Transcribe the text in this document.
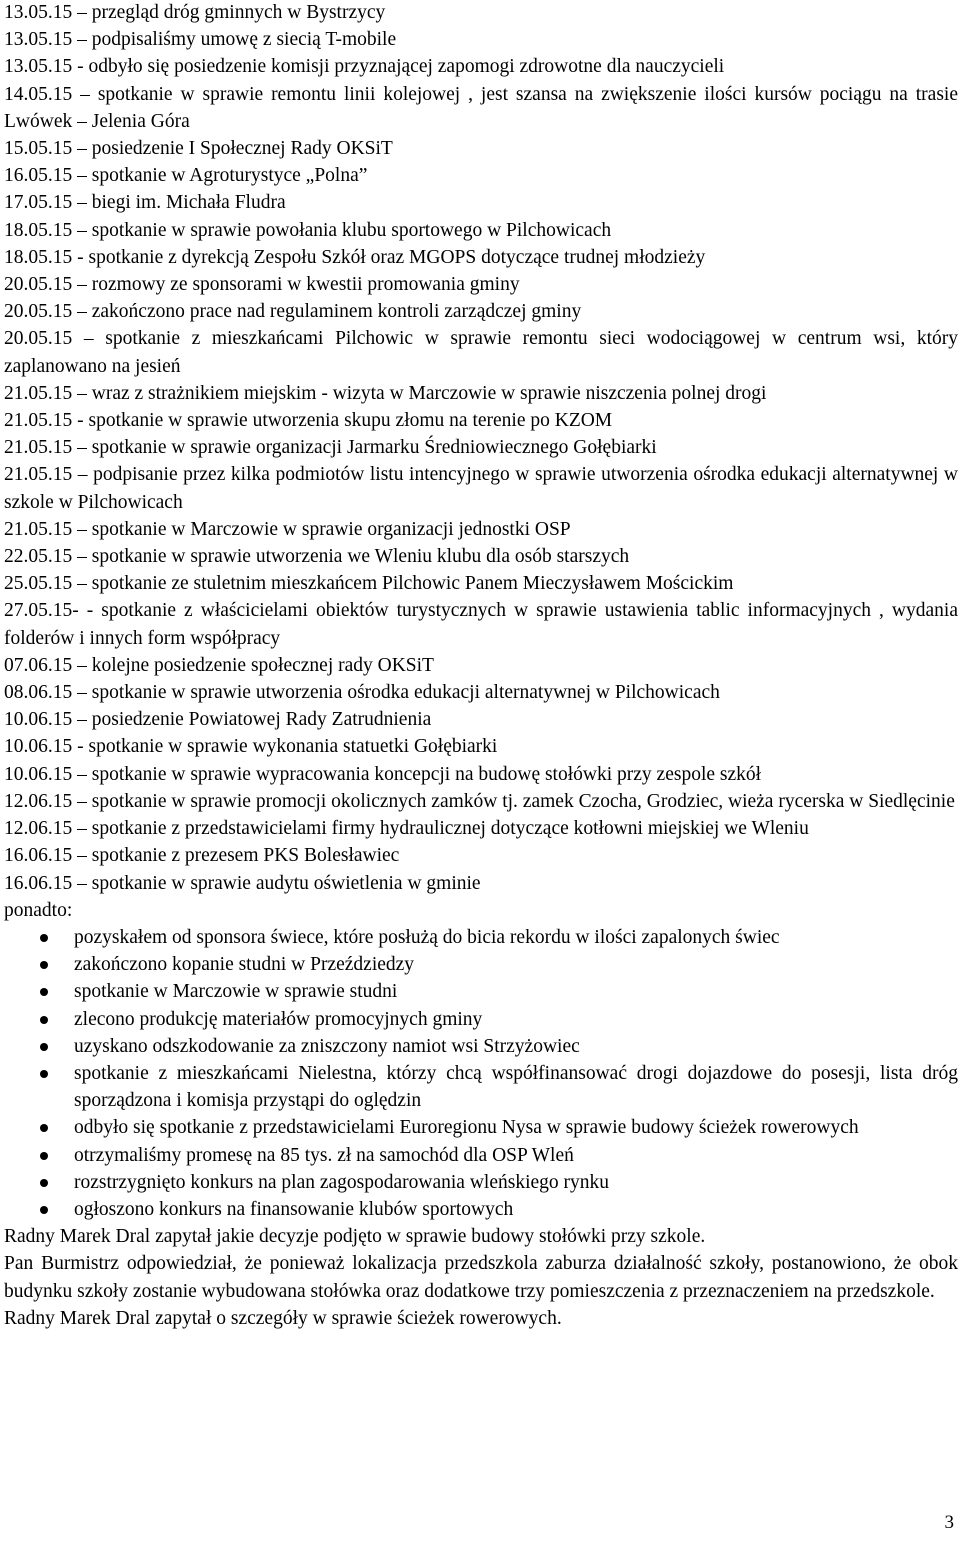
13.05.15 – przegląd dróg gminnych w Bystrzycy
13.05.15 – podpisaliśmy umowę z siecią T-mobile
13.05.15 - odbyło się posiedzenie komisji przyznającej zapomogi zdrowotne dla nauczycieli
14.05.15 – spotkanie w sprawie remontu linii kolejowej , jest szansa na zwiększenie ilości kursów pociągu na trasie Lwówek – Jelenia Góra
15.05.15 – posiedzenie I Społecznej Rady OKSiT
16.05.15 – spotkanie w Agroturystyce „Polna”
17.05.15 – biegi im. Michała Fludra
18.05.15 – spotkanie w sprawie powołania klubu sportowego w Pilchowicach
18.05.15 - spotkanie z dyrekcją Zespołu Szkół oraz MGOPS dotyczące trudnej młodzieży
20.05.15 – rozmowy ze sponsorami w kwestii promowania gminy
20.05.15 – zakończono prace nad regulaminem kontroli zarządczej gminy
20.05.15 – spotkanie z mieszkańcami Pilchowic w sprawie remontu sieci wodociągowej w centrum wsi, który zaplanowano na jesień
21.05.15 – wraz z strażnikiem miejskim - wizyta w Marczowie w sprawie niszczenia polnej drogi
21.05.15 - spotkanie w sprawie utworzenia skupu złomu na terenie po KZOM
21.05.15 – spotkanie w sprawie organizacji Jarmarku Średniowiecznego Gołębiarki
21.05.15 – podpisanie przez kilka podmiotów listu intencyjnego w sprawie utworzenia ośrodka edukacji alternatywnej w szkole w Pilchowicach
21.05.15 – spotkanie w Marczowie w sprawie organizacji jednostki OSP
22.05.15 – spotkanie w sprawie utworzenia we Wleniu klubu dla osób starszych
25.05.15 – spotkanie ze stuletnim mieszkańcem Pilchowic Panem Mieczysławem Mościckim
27.05.15- - spotkanie z właścicielami obiektów turystycznych w sprawie ustawienia tablic informacyjnych , wydania folderów i innych form współpracy
07.06.15 – kolejne posiedzenie społecznej rady OKSiT
08.06.15 – spotkanie w sprawie utworzenia ośrodka edukacji alternatywnej w Pilchowicach
10.06.15 – posiedzenie Powiatowej Rady Zatrudnienia
10.06.15 - spotkanie w sprawie wykonania statuetki Gołębiarki
10.06.15 – spotkanie w sprawie wypracowania koncepcji na budowę stołówki przy zespole szkół
12.06.15 – spotkanie w sprawie promocji okolicznych zamków tj. zamek Czocha, Grodziec, wieża rycerska w Siedlęcinie
12.06.15 – spotkanie z przedstawicielami firmy hydraulicznej dotyczące kotłowni miejskiej we Wleniu
16.06.15 – spotkanie z prezesem PKS Bolesławiec
16.06.15 – spotkanie w sprawie audytu oświetlenia w gminie
ponadto:
pozyskałem od sponsora świece, które posłużą do bicia rekordu w ilości zapalonych świec
zakończono kopanie studni w Przeździedzy
spotkanie w Marczowie w sprawie studni
zlecono produkcję materiałów promocyjnych gminy
uzyskano odszkodowanie za zniszczony namiot wsi Strzyżowiec
spotkanie z mieszkańcami Nielestna, którzy chcą współfinansować drogi dojazdowe do posesji, lista dróg sporządzona i komisja przystąpi do oględzin
odbyło się spotkanie z przedstawicielami Euroregionu Nysa w sprawie budowy ścieżek rowerowych
otrzymaliśmy promesę na 85 tys. zł na samochód dla OSP Wleń
rozstrzygnięto konkurs na plan zagospodarowania wleńskiego rynku
ogłoszono konkurs na finansowanie klubów sportowych
Radny Marek Dral zapytał jakie decyzje podjęto w sprawie budowy stołówki przy szkole.
Pan Burmistrz odpowiedział, że ponieważ lokalizacja przedszkola zaburza działalność szkoły, postanowiono, że obok budynku szkoły zostanie wybudowana stołówka oraz dodatkowe trzy pomieszczenia z przeznaczeniem na przedszkole.
Radny Marek Dral zapytał o szczegóły w sprawie ścieżek rowerowych.
3
